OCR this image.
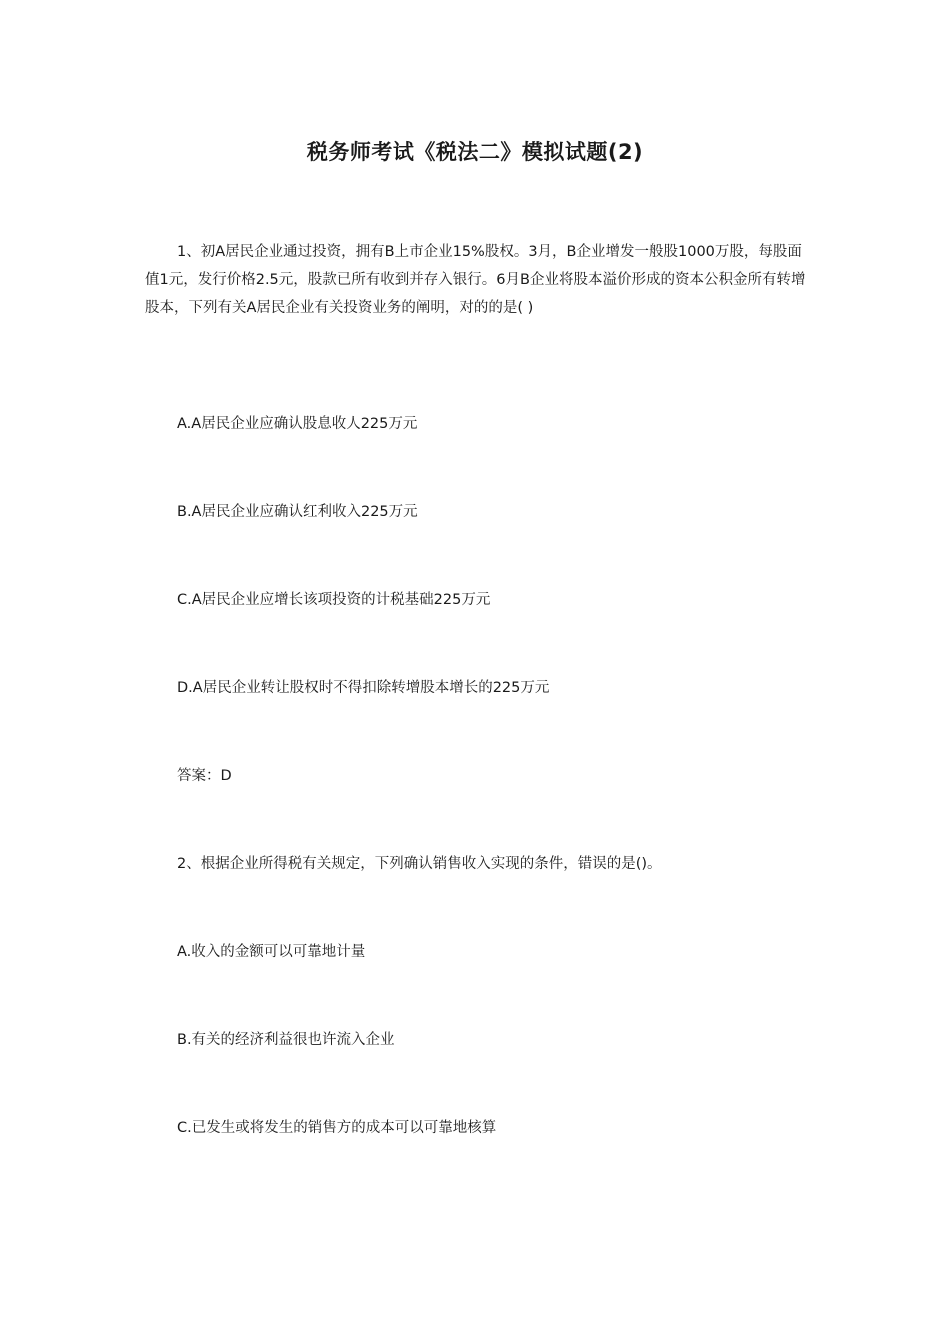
税务师考试《税法二》模拟试题(2)

1、初A居民企业通过投资，拥有B上市企业15%股权。3月，B企业增发一般股1000万股，每股面值1元，发行价格2.5元，股款已所有收到并存入银行。6月B企业将股本溢价形成的资本公积金所有转增股本，下列有关A居民企业有关投资业务的阐明，对的的是( )

A.A居民企业应确认股息收人225万元
B.A居民企业应确认红利收入225万元
C.A居民企业应增长该项投资的计税基础225万元
D.A居民企业转让股权时不得扣除转增股本增长的225万元
答案：D
2、根据企业所得税有关规定，下列确认销售收入实现的条件，错误的是()。
A.收入的金额可以可靠地计量
B.有关的经济利益很也许流入企业
C.已发生或将发生的销售方的成本可以可靠地核算
